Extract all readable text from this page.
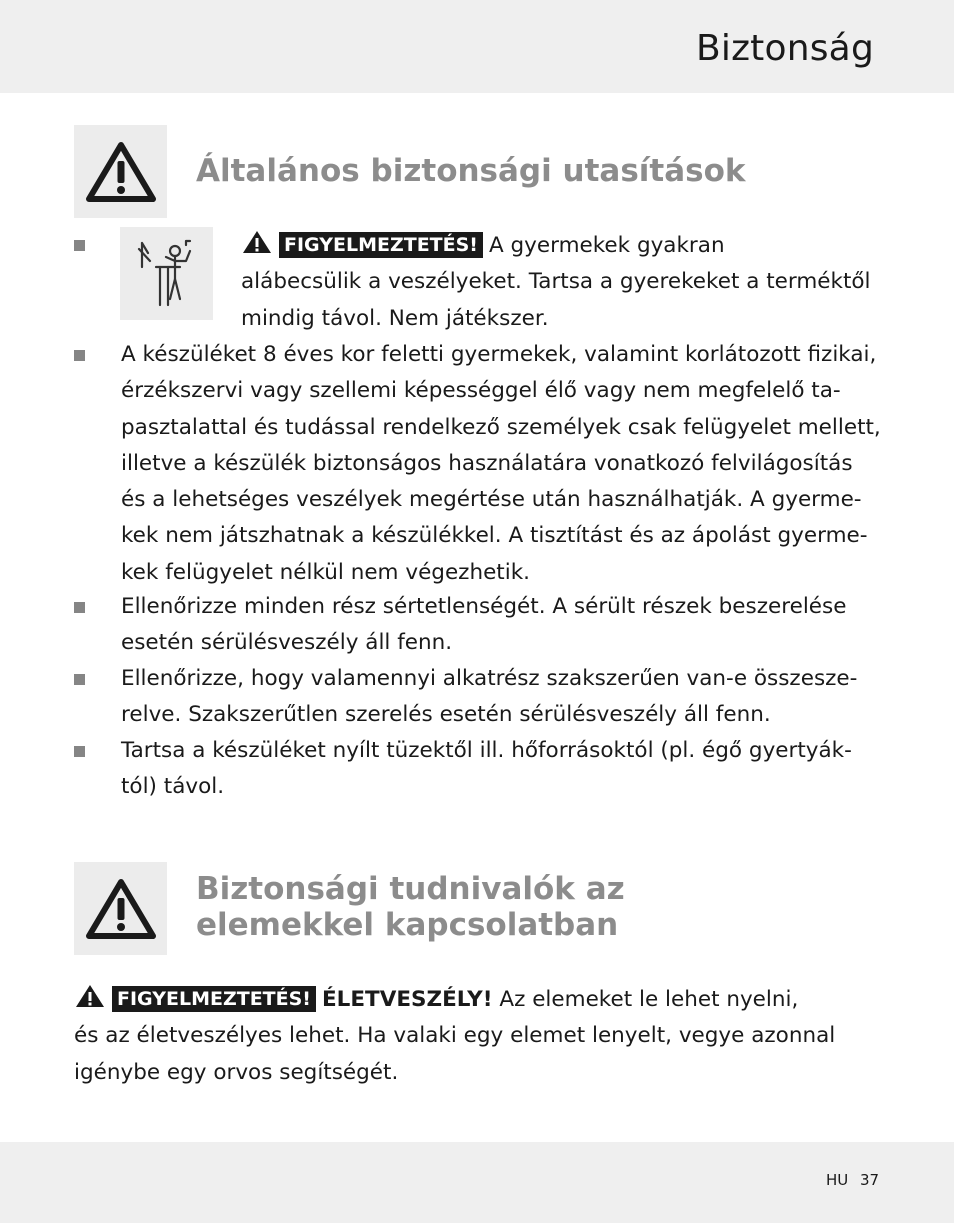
Biztonság
Általános biztonsági utasítások
FIGYELMEZTETÉS! A gyermekek gyakran
alábecsülik a veszélyeket. Tartsa a gyerekeket a terméktől
mindig távol. Nem játékszer.
A készüléket 8 éves kor feletti gyermekek, valamint korlátozott fizikai,
érzékszervi vagy szellemi képességgel élő vagy nem megfelelő ta-
pasztalattal és tudással rendelkező személyek csak felügyelet mellett,
illetve a készülék biztonságos használatára vonatkozó felvilágosítás
és a lehetséges veszélyek megértése után használhatják. A gyerme-
kek nem játszhatnak a készülékkel. A tisztítást és az ápolást gyerme-
kek felügyelet nélkül nem végezhetik.
Ellenőrizze minden rész sértetlenségét. A sérült részek beszerelése
esetén sérülésveszély áll fenn.
Ellenőrizze, hogy valamennyi alkatrész szakszerűen van-e összesze-
relve. Szakszerűtlen szerelés esetén sérülésveszély áll fenn.
Tartsa a készüléket nyílt tüzektől ill. hőforrásoktól (pl. égő gyertyák-
tól) távol.
Biztonsági tudnivalók az
elemekkel kapcsolatban
FIGYELMEZTETÉS! ÉLETVESZÉLY! Az elemeket le lehet nyelni,
és az életveszélyes lehet. Ha valaki egy elemet lenyelt, vegye azonnal
igénybe egy orvos segítségét.
HU 37
